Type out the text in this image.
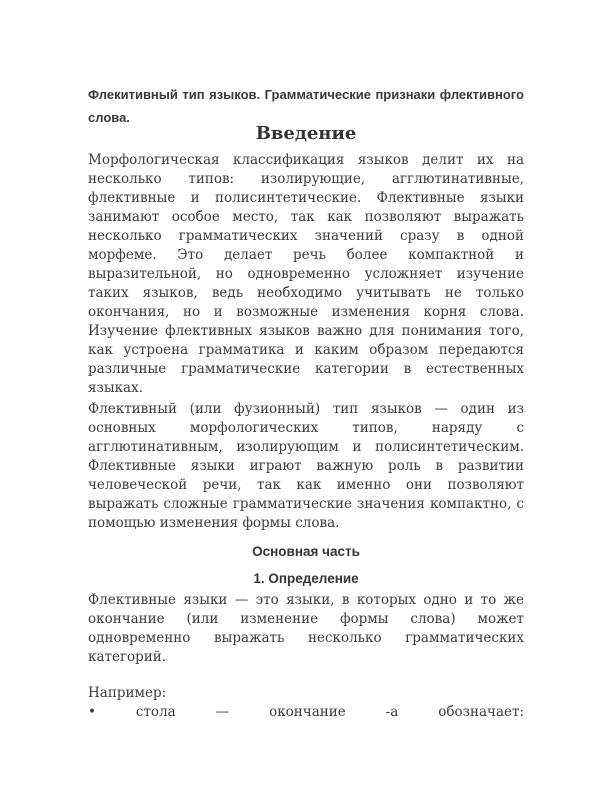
Флекитивный тип языков. Грамматические признаки флективного
слова.
Введение
Морфологическая классификация языков делит их на
несколько типов: изолирующие, агглютинативные,
флективные и полисинтетические. Флективные языки
занимают особое место, так как позволяют выражать
несколько грамматических значений сразу в одной
морфеме. Это делает речь более компактной и
выразительной, но одновременно усложняет изучение
таких языков, ведь необходимо учитывать не только
окончания, но и возможные изменения корня слова.
Изучение флективных языков важно для понимания того,
как устроена грамматика и каким образом передаются
различные грамматические категории в естественных
языках.
Флективный (или фузионный) тип языков — один из
основных морфологических типов, наряду с
агглютинативным, изолирующим и полисинтетическим.
Флективные языки играют важную роль в развитии
человеческой речи, так как именно они позволяют
выражать сложные грамматические значения компактно, с
помощью изменения формы слова.
Основная часть
1. Определение
Флективные языки — это языки, в которых одно и то же
окончание (или изменение формы слова) может
одновременно выражать несколько грамматических
категорий.
Например:
• стола — окончание -а обозначает:
